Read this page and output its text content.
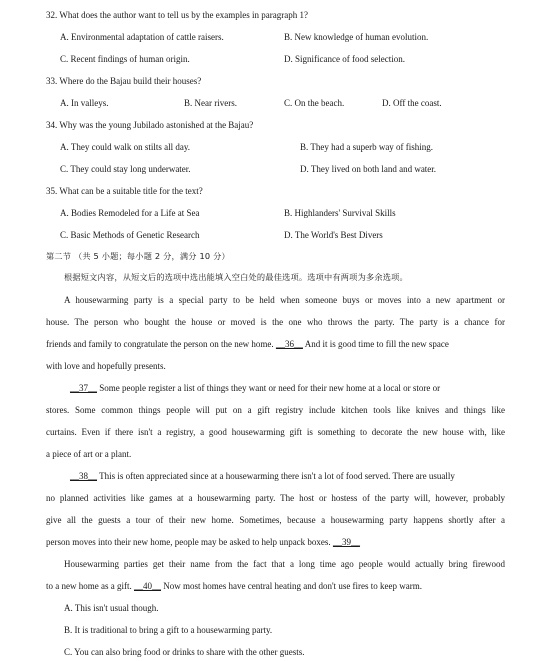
32. What does the author want to tell us by the examples in paragraph 1?
A. Environmental adaptation of cattle raisers.	B. New knowledge of human evolution.
C. Recent findings of human origin.	D. Significance of food selection.
33. Where do the Bajau build their houses?
A. In valleys.	B. Near rivers.	C. On the beach.	D. Off the coast.
34. Why was the young Jubilado astonished at the Bajau?
A. They could walk on stilts all day.	B. They had a superb way of fishing.
C. They could stay long underwater.	D. They lived on both land and water.
35. What can be a suitable title for the text?
A. Bodies Remodeled for a Life at Sea	B. Highlanders' Survival Skills
C. Basic Methods of Genetic Research	D. The World's Best Divers
第二节 （共 5 小题；每小题 2 分，满分 10 分）
根据短文内容，从短文后的选项中选出能填入空白处的最佳选项。选项中有两项为多余选项。
A housewarming party is a special party to be held when someone buys or moves into a new apartment or
house. The person who bought the house or moved is the one who throws the party. The party is a chance for
friends and family to congratulate the person on the new home. __36__ And it is good time to fill the new space
with love and hopefully presents.
__37__ Some people register a list of things they want or need for their new home at a local or store or
stores. Some common things people will put on a gift registry include kitchen tools like knives and things like
curtains. Even if there isn't a registry, a good housewarming gift is something to decorate the new house with, like
a piece of art or a plant.
__38__ This is often appreciated since at a housewarming there isn't a lot of food served. There are usually
no planned activities like games at a housewarming party. The host or hostess of the party will, however, probably
give all the guests a tour of their new home. Sometimes, because a housewarming party happens shortly after a
person moves into their new home, people may be asked to help unpack boxes. __39__
Housewarming parties get their name from the fact that a long time ago people would actually bring firewood
to a new home as a gift. __40__ Now most homes have central heating and don't use fires to keep warm.
A. This isn't usual though.
B. It is traditional to bring a gift to a housewarming party.
C. You can also bring food or drinks to share with the other guests.
